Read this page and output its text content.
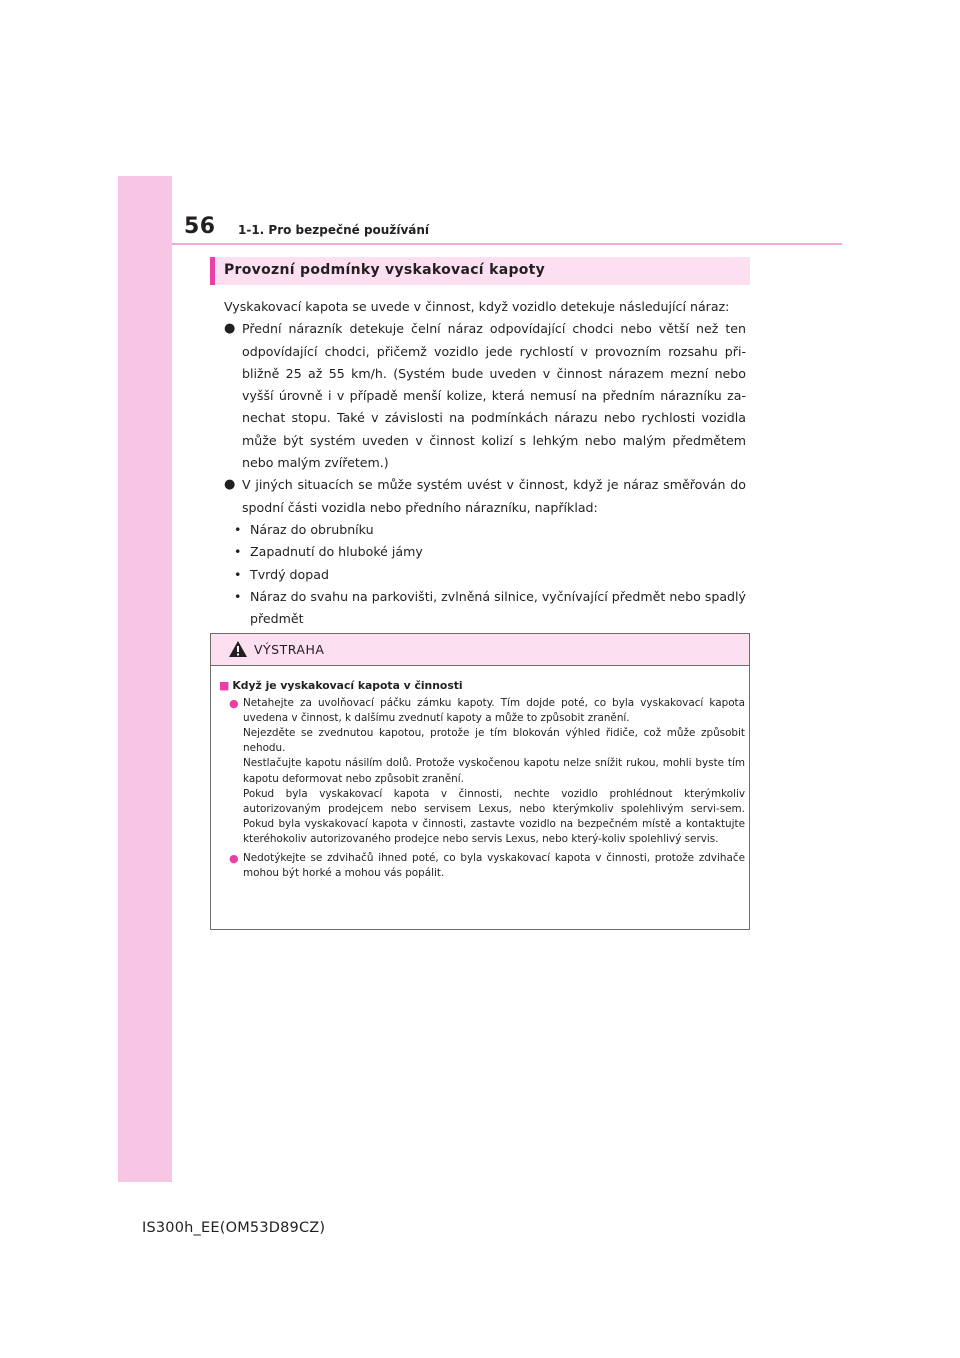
56 1-1. Pro bezpečné používání
Provozní podmínky vyskakovací kapoty

Vyskakovací kapota se uvede v činnost, když vozidlo detekuje následující náraz:

● Přední nárazník detekuje čelní náraz odpovídající chodci nebo větší než ten odpovídající chodci, přičemž vozidlo jede rychlostí v provozním rozsahu při-bližně 25 až 55 km/h. (Systém bude uveden v činnost nárazem mezní nebo vyšší úrovně i v případě menší kolize, která nemusí na předním nárazníku za-nechat stopu. Také v závislosti na podmínkách nárazu nebo rychlosti vozidla může být systém uveden v činnost kolizí s lehkým nebo malým předmětem nebo malým zvířetem.)
● V jiných situacích se může systém uvést v činnost, když je náraz směřován do spodní části vozidla nebo předního nárazníku, například:
• Náraz do obrubníku
• Zapadnutí do hluboké jámy
• Tvrdý dopad
• Náraz do svahu na parkovišti, zvlněná silnice, vyčnívající předmět nebo spadlý předmět
VÝSTRAHA
■ Když je vyskakovací kapota v činnosti
● Netahejte za uvolňovací páčku zámku kapoty. Tím dojde poté, co byla vyskakovací kapota uvedena v činnost, k dalšímu zvednutí kapoty a může to způsobit zranění.
Nejezděte se zvednutou kapotou, protože je tím blokován výhled řidiče, což může způsobit nehodu.
Nestlačujte kapotu násilím dolů. Protože vyskočenou kapotu nelze snížit rukou, mohli byste tím kapotu deformovat nebo způsobit zranění.
Pokud byla vyskakovací kapota v činnosti, nechte vozidlo prohlédnout kterýmkoliv autorizovaným prodejcem nebo servisem Lexus, nebo kterýmkoliv spolehlivým servi-sem. Pokud byla vyskakovací kapota v činnosti, zastavte vozidlo na bezpečném místě a kontaktujte kteréhokoliv autorizovaného prodejce nebo servis Lexus, nebo který-koliv spolehlivý servis.
● Nedotýkejte se zdvihačů ihned poté, co byla vyskakovací kapota v činnosti, protože zdvihače mohou být horké a mohou vás popálit.
IS300h_EE(OM53D89CZ)
